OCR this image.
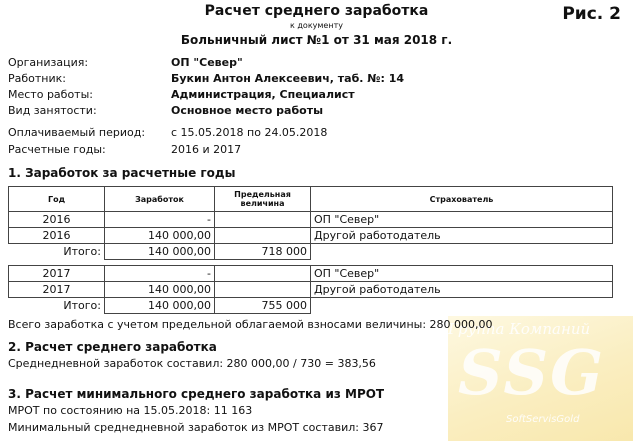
Группа Компаний
SSG
SoftServisGold
Расчет среднего заработка
к документу
Больничный лист №1 от 31 мая 2018 г.
Рис. 2
Организация:	ОП "Север"
Работник:	Букин Антон Алексеевич, таб. №: 14
Место работы:	Администрация, Специалист
Вид занятости:	Основное место работы
Оплачиваемый период: с 15.05.2018 по 24.05.2018
Расчетные годы:	2016 и 2017
1. Заработок за расчетные годы
Год	Заработок	Предельная величина	Страхователь
2016	-		ОП "Север"
2016	140 000,00		Другой работодатель
Итого:	140 000,00	718 000	

2017	-		ОП "Север"
2017	140 000,00		Другой работодатель
Итого:	140 000,00	755 000	
Всего заработка с учетом предельной облагаемой взносами величины: 280 000,00
2. Расчет среднего заработка
Среднедневной заработок составил: 280 000,00 / 730 = 383,56
3. Расчет минимального среднего заработка из МРОТ
МРОТ по состоянию на 15.05.2018: 11 163
Минимальный среднедневной заработок из МРОТ составил: 367
